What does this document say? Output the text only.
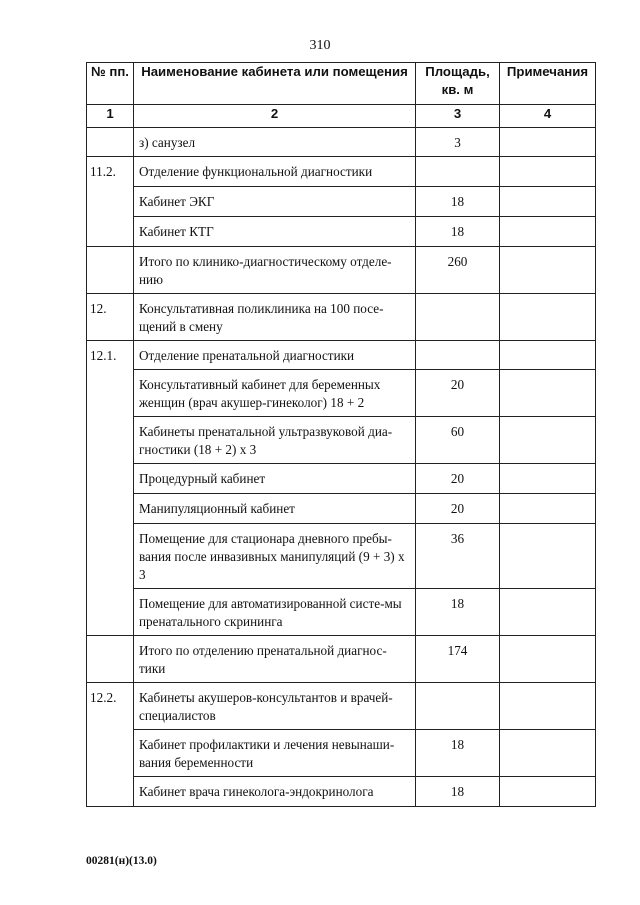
310
№ пп.	Наименование кабинета или помещения	Площадь, кв. м	Примечания
1	2	3	4
	з) санузел	3	
11.2.	Отделение функциональной диагностики		
	Кабинет ЭКГ	18	
	Кабинет КТГ	18	
	Итого по клинико-диагностическому отделе-нию	260	
12.	Консультативная поликлиника на 100 посе-щений в смену		
12.1.	Отделение пренатальной диагностики		
	Консультативный кабинет для беременных женщин (врач акушер-гинеколог) 18 + 2	20	
	Кабинеты пренатальной ультразвуковой диа-гностики (18 + 2) х 3	60	
	Процедурный кабинет	20	
	Манипуляционный кабинет	20	
	Помещение для стационара дневного пребы-вания после инвазивных манипуляций (9 + 3) х 3	36	
	Помещение для автоматизированной систе-мы пренатального скрининга	18	
	Итого по отделению пренатальной диагнос-тики	174	
12.2.	Кабинеты акушеров-консультантов и врачей-специалистов		
	Кабинет профилактики и лечения невынаши-вания беременности	18	
	Кабинет врача гинеколога-эндокринолога	18	
00281(н)(13.0)
